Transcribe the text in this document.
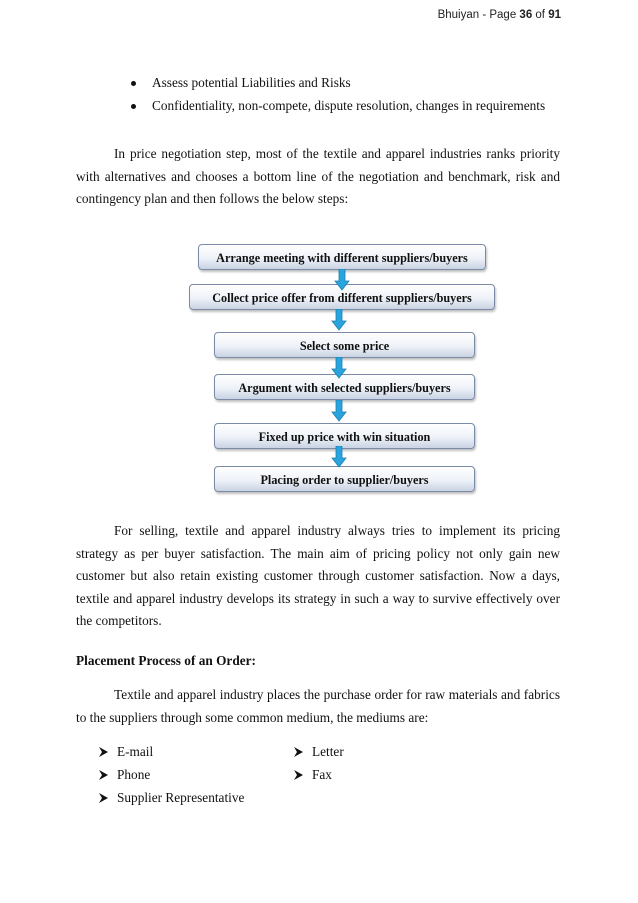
Bhuiyan - Page 36 of 91
Assess potential Liabilities and Risks
Confidentiality, non-compete, dispute resolution, changes in requirements

In price negotiation step, most of the textile and apparel industries ranks priority with alternatives and chooses a bottom line of the negotiation and benchmark, risk and contingency plan and then follows the below steps:

Arrange meeting with different suppliers/buyers
Collect price offer from different suppliers/buyers
Select some price
Argument with selected suppliers/buyers
Fixed up price with win situation
Placing order to supplier/buyers

For selling, textile and apparel industry always tries to implement its pricing strategy as per buyer satisfaction. The main aim of pricing policy not only gain new customer but also retain existing customer through customer satisfaction. Now a days, textile and apparel industry develops its strategy in such a way to survive effectively over the competitors.

Placement Process of an Order:

Textile and apparel industry places the purchase order for raw materials and fabrics to the suppliers through some common medium, the mediums are:

E-mail
Phone
Supplier Representative
Letter
Fax
